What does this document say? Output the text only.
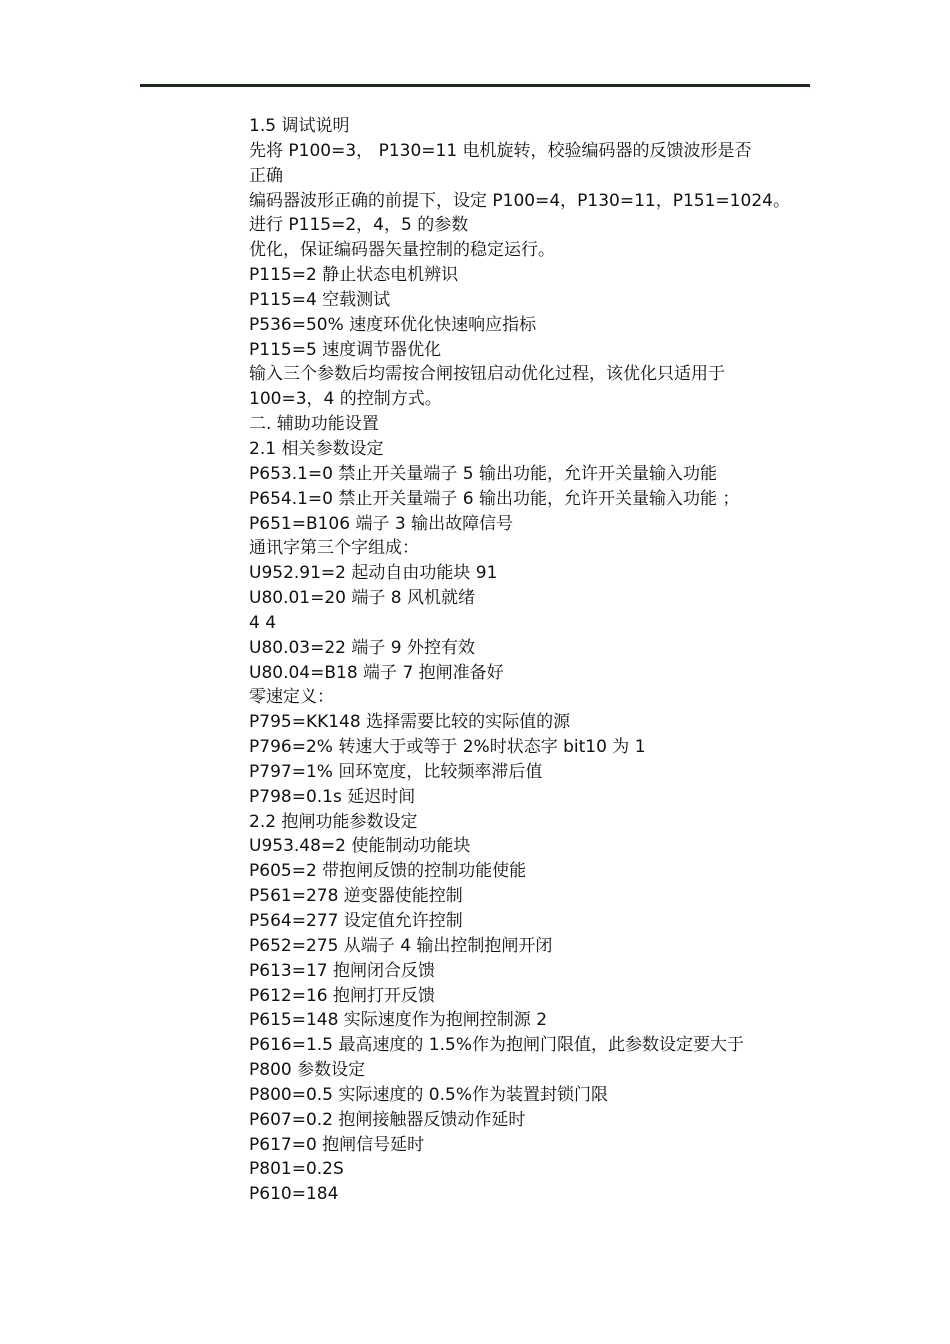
1.5 调试说明
先将 P100=3， P130=11 电机旋转，校验编码器的反馈波形是否
正确
编码器波形正确的前提下，设定 P100=4，P130=11，P151=1024。
进行 P115=2，4，5 的参数
优化，保证编码器矢量控制的稳定运行。
P115=2 静止状态电机辨识
P115=4 空载测试
P536=50% 速度环优化快速响应指标
P115=5 速度调节器优化
输入三个参数后均需按合闸按钮启动优化过程，该优化只适用于
100=3，4 的控制方式。
二. 辅助功能设置
2.1 相关参数设定
P653.1=0 禁止开关量端子 5 输出功能，允许开关量输入功能
P654.1=0 禁止开关量端子 6 输出功能，允许开关量输入功能 ；
P651=B106 端子 3 输出故障信号
通讯字第三个字组成：
U952.91=2 起动自由功能块 91
U80.01=20 端子 8 风机就绪
4 4
U80.03=22 端子 9 外控有效
U80.04=B18 端子 7 抱闸准备好
零速定义：
P795=KK148 选择需要比较的实际值的源
P796=2% 转速大于或等于 2%时状态字 bit10 为 1
P797=1% 回环宽度，比较频率滞后值
P798=0.1s 延迟时间
2.2 抱闸功能参数设定
U953.48=2 使能制动功能块
P605=2 带抱闸反馈的控制功能使能
P561=278 逆变器使能控制
P564=277 设定值允许控制
P652=275 从端子 4 输出控制抱闸开闭
P613=17 抱闸闭合反馈
P612=16 抱闸打开反馈
P615=148 实际速度作为抱闸控制源 2
P616=1.5 最高速度的 1.5%作为抱闸门限值，此参数设定要大于
P800 参数设定
P800=0.5 实际速度的 0.5%作为装置封锁门限
P607=0.2 抱闸接触器反馈动作延时
P617=0 抱闸信号延时
P801=0.2S
P610=184
